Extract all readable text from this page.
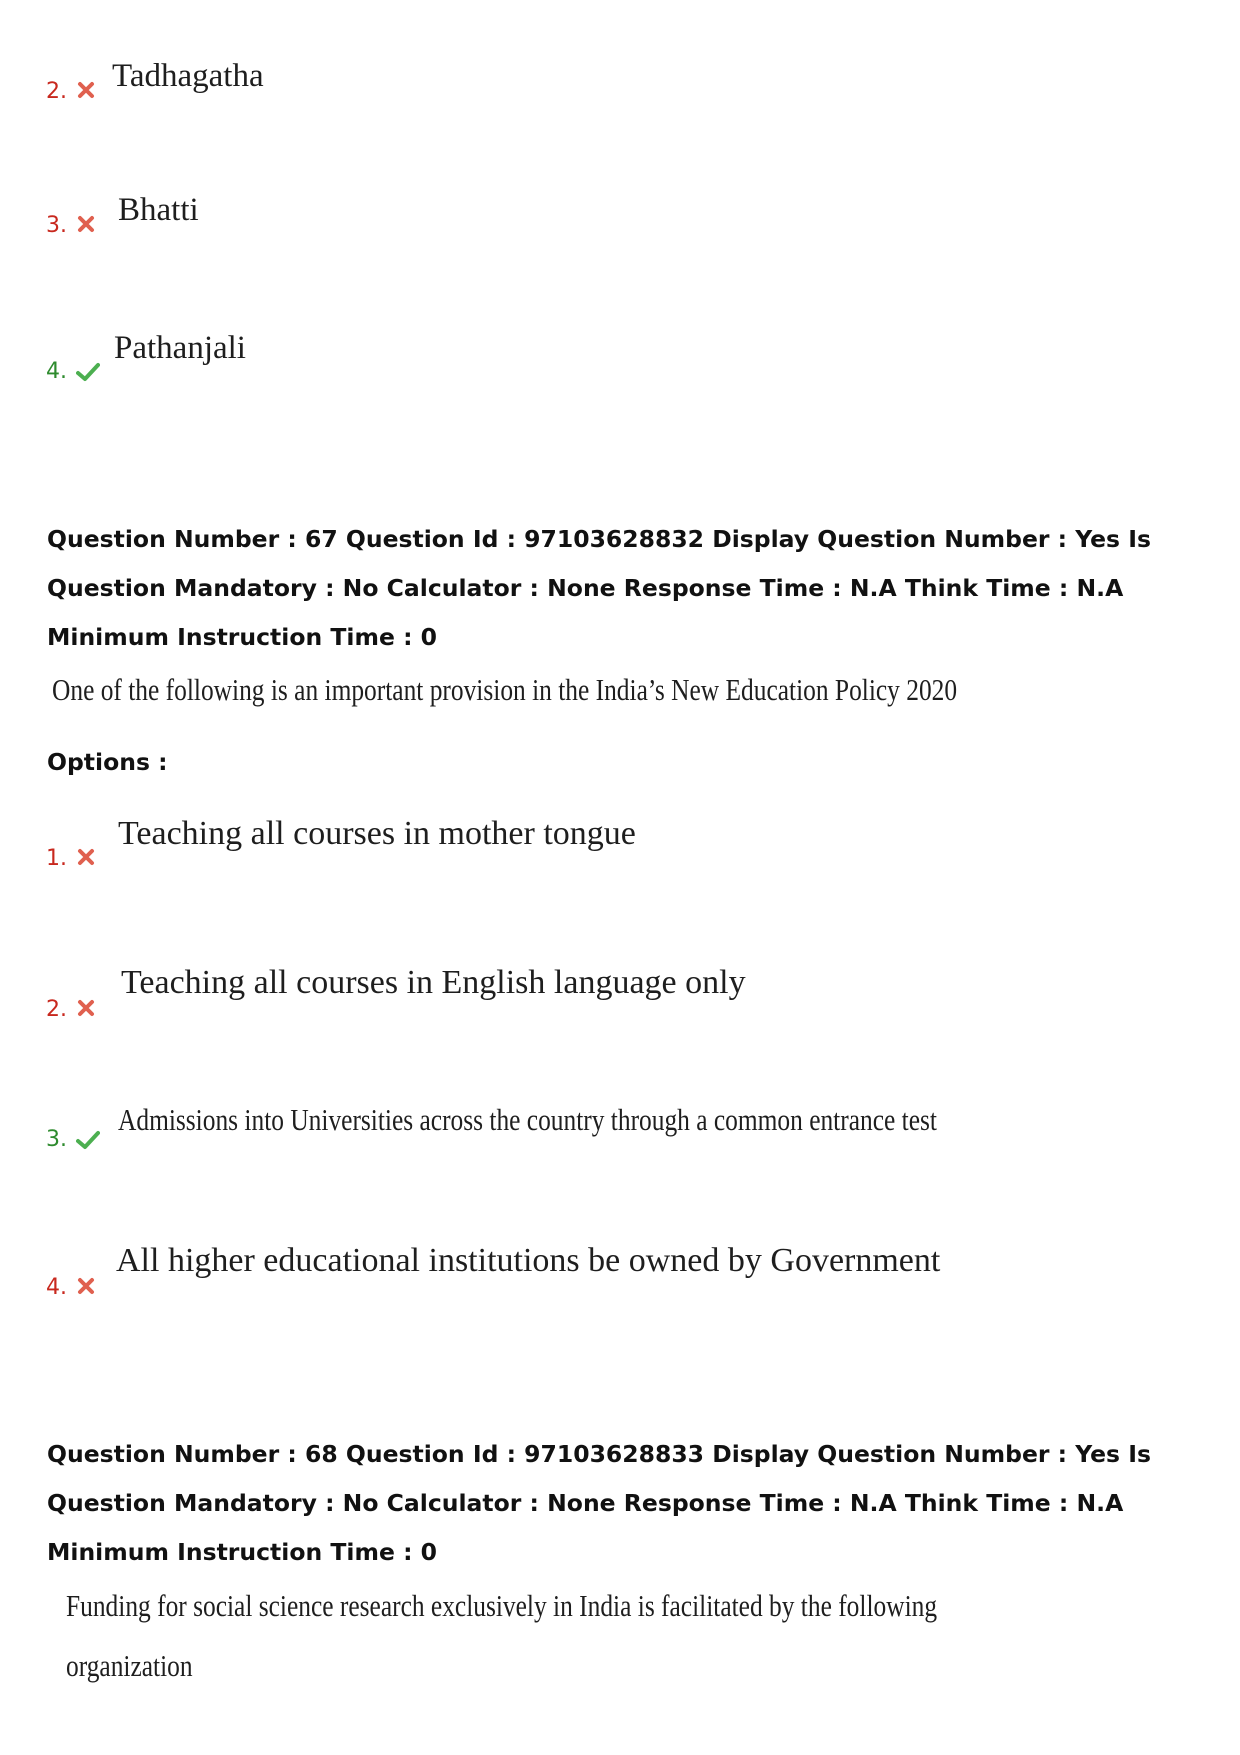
2. Tadhagatha
3. Bhatti
4.
Pathanjali
Question Number : 67 Question Id : 97103628832 Display Question Number : Yes Is Question Mandatory : No Calculator : None Response Time : N.A Think Time : N.A Minimum Instruction Time : 0
One of the following is an important provision in the India’s New Education Policy 2020
Options :
1.
Teaching all courses in mother tongue
2.
Teaching all courses in English language only
3.
Admissions into Universities across the country through a common entrance test
4.
All higher educational institutions be owned by Government
Question Number : 68 Question Id : 97103628833 Display Question Number : Yes Is Question Mandatory : No Calculator : None Response Time : N.A Think Time : N.A Minimum Instruction Time : 0
Funding for social science research exclusively in India is facilitated by the following
organization
